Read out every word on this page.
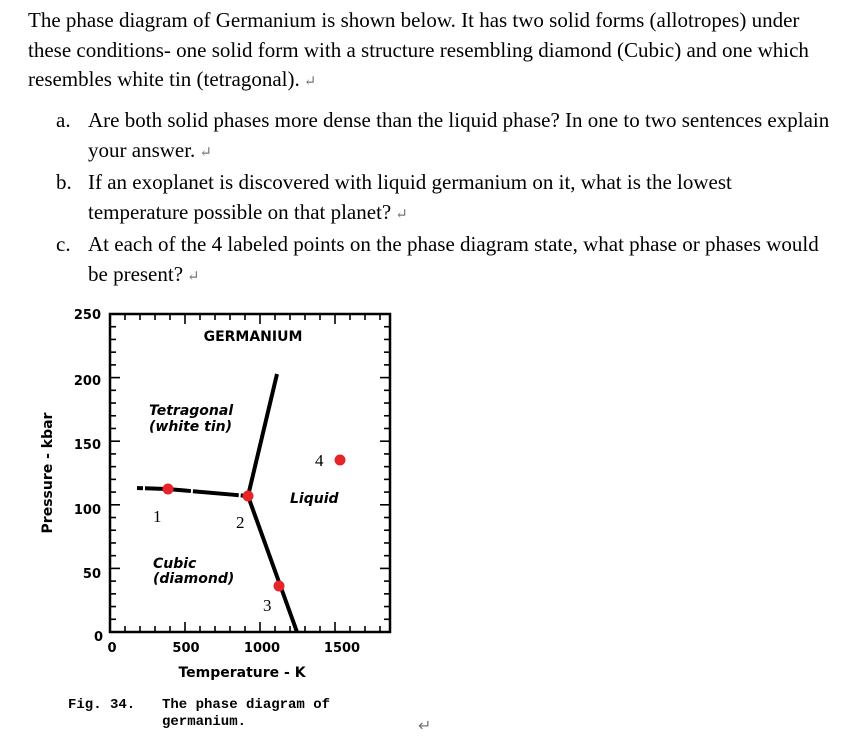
The phase diagram of Germanium is shown below. It has two solid forms (allotropes) under these conditions- one solid form with a structure resembling diamond (Cubic) and one which resembles white tin (tetragonal). ↵

a. Are both solid phases more dense than the liquid phase? In one to two sentences explain your answer. ↵
b. If an exoplanet is discovered with liquid germanium on it, what is the lowest temperature possible on that planet? ↵
c. At each of the 4 labeled points on the phase diagram state, what phase or phases would be present? ↵
Pressure - kbar
250
200
150
100
50
0
0	500	1000	1500
Temperature - K
GERMANIUM
Tetragonal
(white tin)
Cubic
(diamond)
Liquid
1	2
3
4
Fig. 34. The phase diagram of germanium.	↵
